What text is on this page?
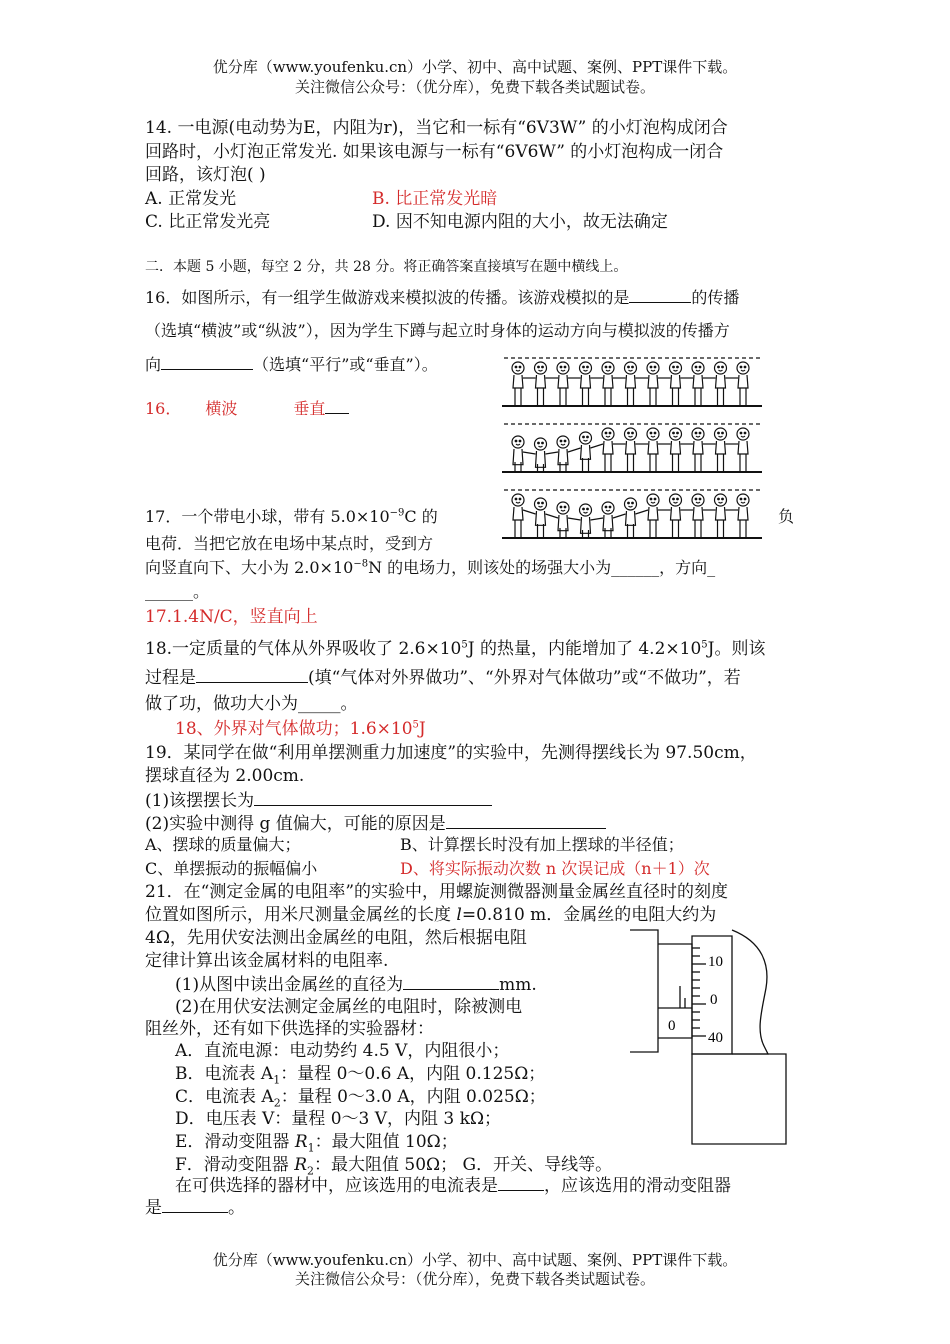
优分库（www.youfenku.cn）小学、初中、高中试题、案例、PPT课件下载。
关注微信公众号：（优分库），免费下载各类试题试卷。
14. 一电源(电动势为E，内阻为r)，当它和一标有“6V3W” 的小灯泡构成闭合
回路时，小灯泡正常发光. 如果该电源与一标有“6V6W” 的小灯泡构成一闭合
回路，该灯泡( )
A. 正常发光	B. 比正常发光暗
C. 比正常发光亮	D. 因不知电源内阻的大小，故无法确定
二．本题 5 小题，每空 2 分，共 28 分。将正确答案直接填写在题中横线上。
16．如图所示，有一组学生做游戏来模拟波的传播。该游戏模拟的是	的传播
（选填“横波”或“纵波”），因为学生下蹲与起立时身体的运动方向与模拟波的传播方
向	（选填“平行”或“垂直”）。
16． 横波	垂直
17．一个带电小球，带有 $5.0\times 10^{-9}C$ 的	负
电荷．当把它放在电场中某点时，受到方
向竖直向下、大小为 $2.0\times 10^{-8}N$ 的电场力，则该处的场强大小为______，方向_
______。
17.1.4N/C，竖直向上
18.一定质量的气体从外界吸收了 $2.6\times 10^5J$ 的热量，内能增加了 $4.2\times 10^5J$。则该
过程是	(填“气体对外界做功”、“外界对气体做功”或“不做功”，若
做了功，做功大小为_____。
18、外界对气体做功；$1.6\times 10^5J$
19．某同学在做“利用单摆测重力加速度”的实验中，先测得摆线长为 97.50cm，
摆球直径为 2.00cm.
(1)该摆摆长为
(2)实验中测得 g 值偏大，可能的原因是
A、摆球的质量偏大；	B、计算摆长时没有加上摆球的半径值；
C、单摆振动的振幅偏小	D、将实际振动次数 n 次误记成（n＋1）次
21．在“测定金属的电阻率”的实验中，用螺旋测微器测量金属丝直径时的刻度
位置如图所示，用米尺测量金属丝的长度 l=0.810 m．金属丝的电阻大约为
4Ω，先用伏安法测出金属丝的电阻，然后根据电阻
定律计算出该金属材料的电阻率.
(1)从图中读出金属丝的直径为	mm.
(2)在用伏安法测定金属丝的电阻时，除被测电
阻丝外，还有如下供选择的实验器材：
A．直流电源：电动势约 4.5 V，内阻很小；
B．电流表 $A_1$：量程 0～0.6 A，内阻 0.125Ω；
C．电流表 $A_2$：量程 0～3.0 A，内阻 0.025Ω；
D．电压表 V：量程 0～3 V，内阻 3 kΩ；
E．滑动变阻器 $R_1$：最大阻值 10Ω；
F．滑动变阻器 $R_2$：最大阻值 50Ω； G．开关、导线等。
在可供选择的器材中，应该选用的电流表是	，应该选用的滑动变阻器
是	。
10
0
40
0
优分库（www.youfenku.cn）小学、初中、高中试题、案例、PPT课件下载。
关注微信公众号：（优分库），免费下载各类试题试卷。
